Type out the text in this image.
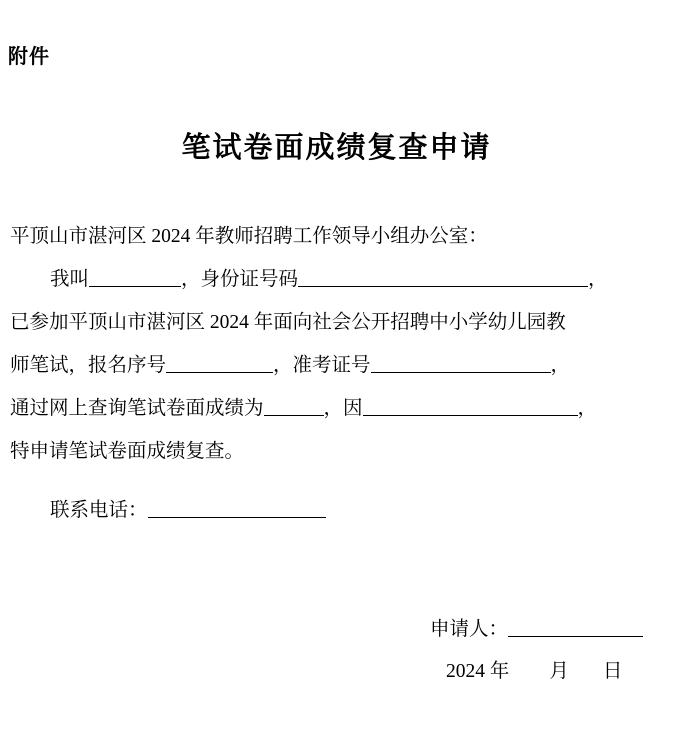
附件
笔试卷面成绩复查申请
平顶山市湛河区 2024 年教师招聘工作领导小组办公室：
我叫	，身份证号码	，
已参加平顶山市湛河区 2024 年面向社会公开招聘中小学幼儿园教
师笔试，报名序号	，准考证号	，
通过网上查询笔试卷面成绩为	，因	，
特申请笔试卷面成绩复查。
联系电话：
申请人：
2024 年 月 日
